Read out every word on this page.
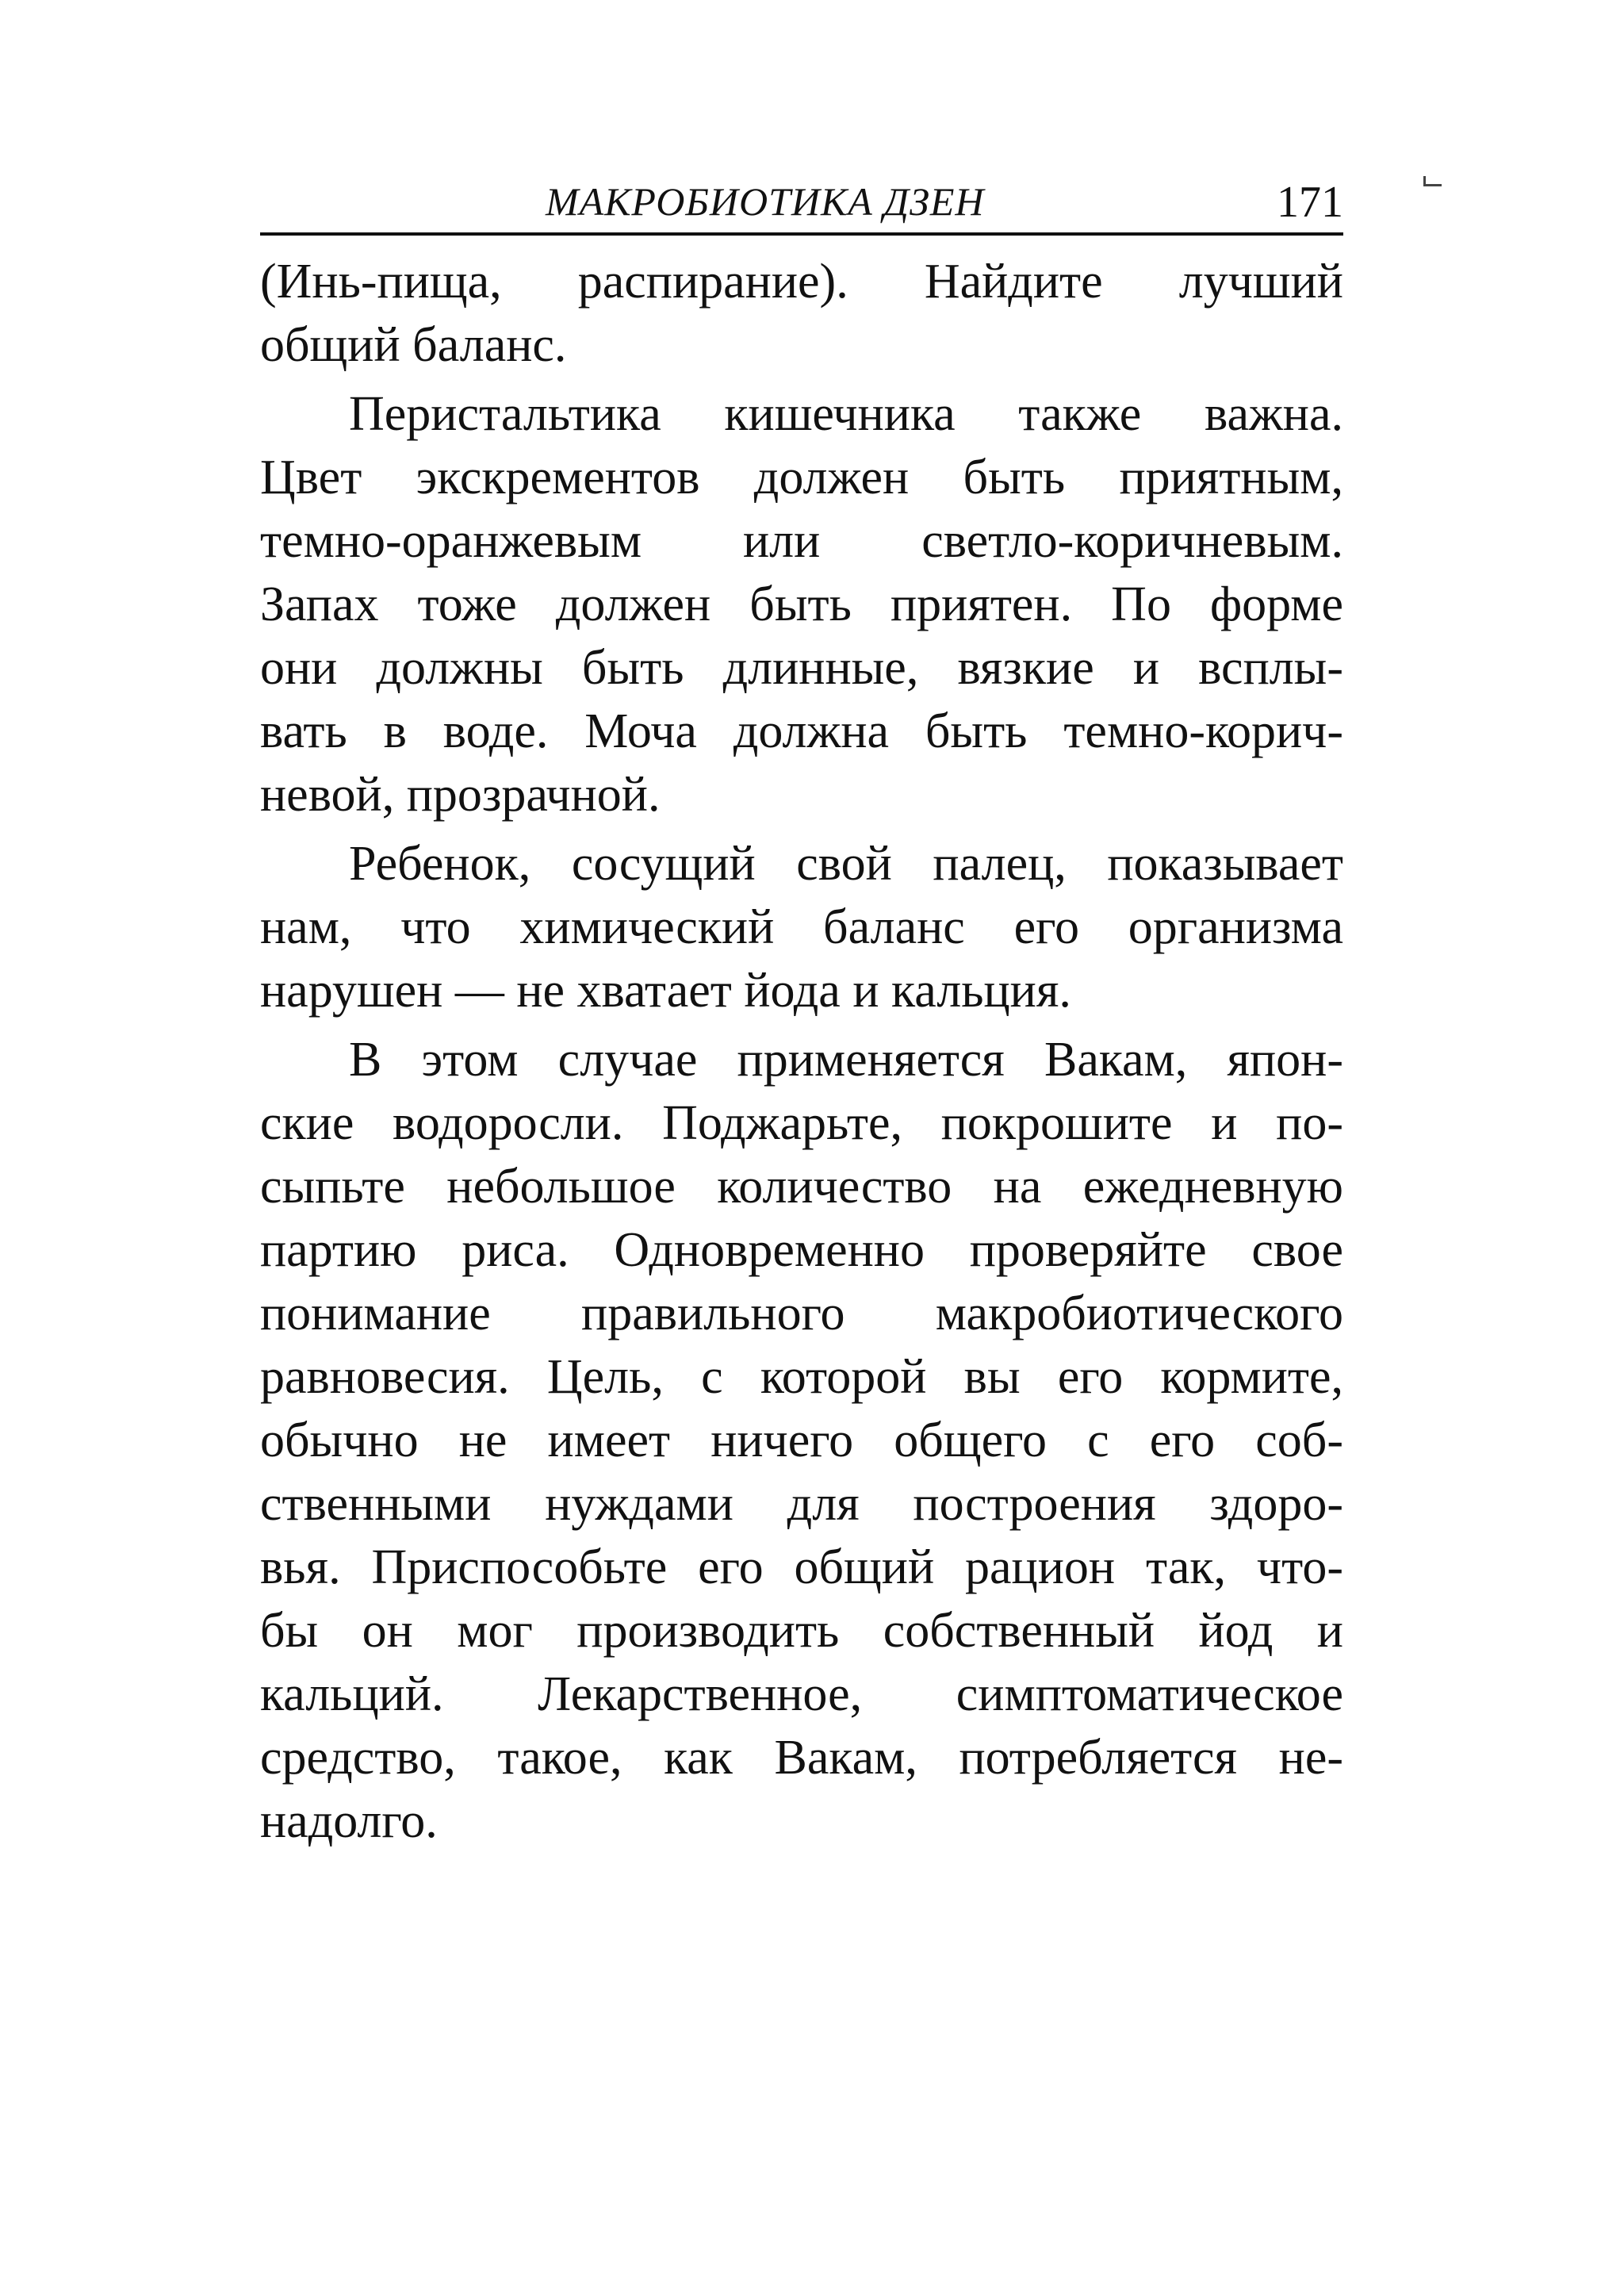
МАКРОБИОТИКА ДЗЕН	171
(Инь-пища, распирание). Найдите лучший
общий баланс.
Перистальтика кишечника также важна.
Цвет экскрементов должен быть приятным,
темно-оранжевым или светло-коричневым.
Запах тоже должен быть приятен. По форме
они должны быть длинные, вязкие и всплы-
вать в воде. Моча должна быть темно-корич-
невой, прозрачной.
Ребенок, сосущий свой палец, показывает
нам, что химический баланс его организма
нарушен — не хватает йода и кальция.
В этом случае применяется Вакам, япон-
ские водоросли. Поджарьте, покрошите и по-
сыпьте небольшое количество на ежедневную
партию риса. Одновременно проверяйте свое
понимание правильного макробиотического
равновесия. Цель, с которой вы его кормите,
обычно не имеет ничего общего с его соб-
ственными нуждами для построения здоро-
вья. Приспособьте его общий рацион так, что-
бы он мог производить собственный йод и
кальций. Лекарственное, симптоматическое
средство, такое, как Вакам, потребляется не-
надолго.
